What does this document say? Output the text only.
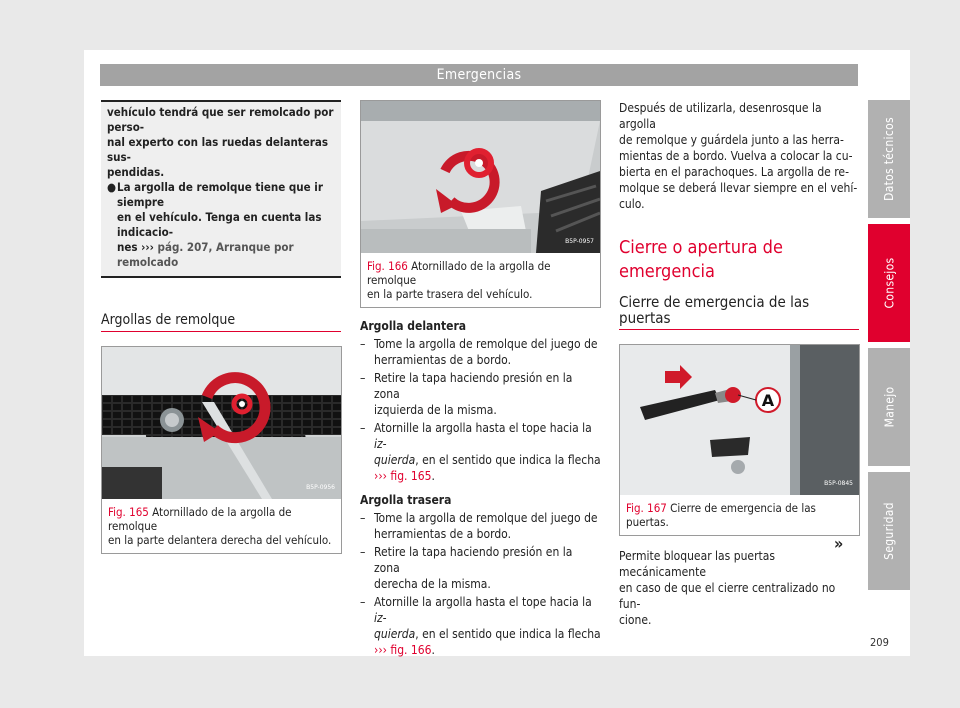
Emergencias
Datos técnicos
Consejos
Manejo
Seguridad
vehículo tendrá que ser remolcado por perso-
nal experto con las ruedas delanteras sus-
pendidas.
● La argolla de remolque tiene que ir siempre
en el vehículo. Tenga en cuenta las indicacio-
nes ››› pág. 207, Arranque por remolcado
Argollas de remolque
B5P-0956
Fig. 165 Atornillado de la argolla de remolque
en la parte delantera derecha del vehículo.
B5P-0957
Fig. 166 Atornillado de la argolla de remolque
en la parte trasera del vehículo.
Argolla delantera
– Tome la argolla de remolque del juego de
herramientas de a bordo.
– Retire la tapa haciendo presión en la zona
izquierda de la misma.
– Atornille la argolla hasta el tope hacia la iz-
quierda, en el sentido que indica la flecha
››› fig. 165.
Argolla trasera
– Tome la argolla de remolque del juego de
herramientas de a bordo.
– Retire la tapa haciendo presión en la zona
derecha de la misma.
– Atornille la argolla hasta el tope hacia la iz-
quierda, en el sentido que indica la flecha
››› fig. 166.

Después de utilizarla, desenrosque la argolla
de remolque y guárdela junto a las herra-
mientas de a bordo. Vuelva a colocar la cu-
bierta en el parachoques. La argolla de re-
molque se deberá llevar siempre en el vehí-
culo.

Cierre o apertura de
emergencia
Cierre de emergencia de las puertas
A
B5P-0845
Fig. 167 Cierre de emergencia de las puertas.

Permite bloquear las puertas mecánicamente
en caso de que el cierre centralizado no fun-
cione.

»
209
